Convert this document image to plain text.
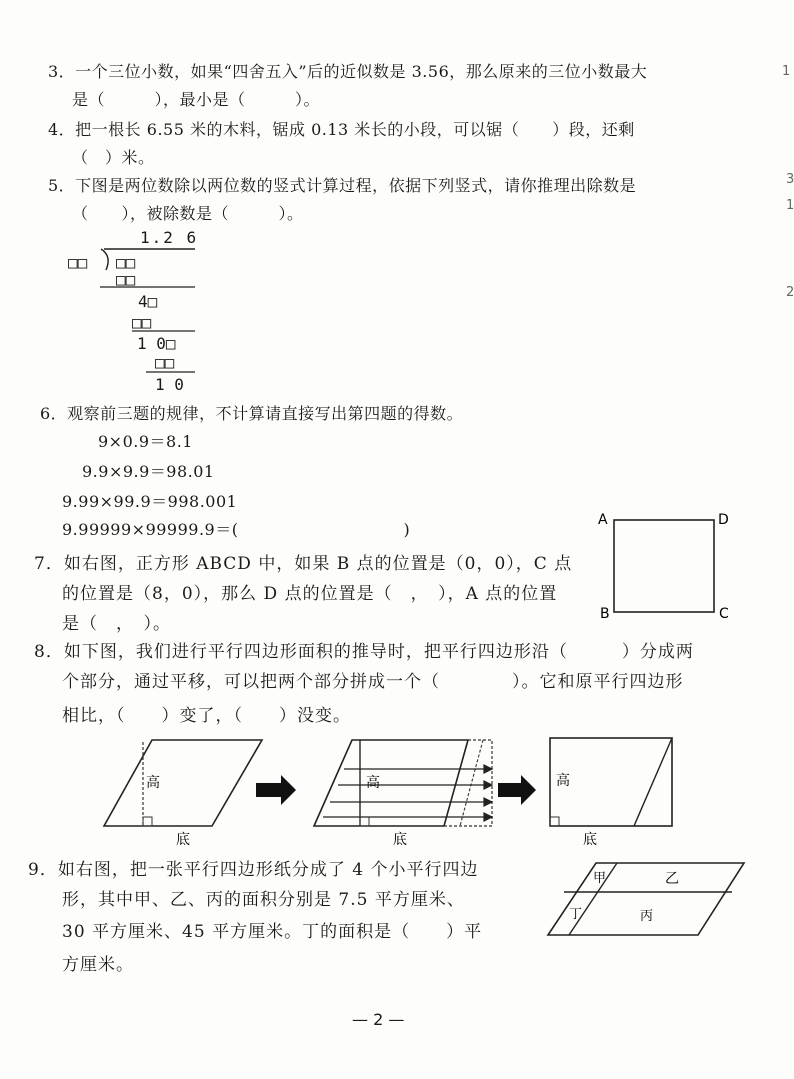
1
3
1
2
3．一个三位小数，如果“四舍五入”后的近似数是 3.56，那么原来的三位小数最大
是（　　　），最小是（　　　）。
4．把一根长 6.55 米的木料，锯成 0.13 米长的小段，可以锯（　　）段，还剩
（　）米。
5．下图是两位数除以两位数的竖式计算过程，依据下列竖式，请你推理出除数是
（　　），被除数是（　　　）。
1.2 6
□□ □□
□□
4□
□□
1 0□
□□
1 0
6．观察前三题的规律，不计算请直接写出第四题的得数。
9×0.9＝8.1
9.9×9.9＝98.01
9.99×99.9＝998.001
9.99999×99999.9＝(　　　　　　　　　　)
7．如右图，正方形 ABCD 中，如果 B 点的位置是（0，0），C 点
的位置是（8，0），那么 D 点的位置是（　，　），A 点的位置
是（　，　）。
A	D
B	C
8．如下图，我们进行平行四边形面积的推导时，把平行四边形沿（　　　）分成两
个部分，通过平移，可以把两个部分拼成一个（　　　　）。它和原平行四边形
相比，（　　）变了，（　　）没变。
高
底
高
底
高
底
9．如右图，把一张平行四边形纸分成了 4 个小平行四边
形，其中甲、乙、丙的面积分别是 7.5 平方厘米、
30 平方厘米、45 平方厘米。丁的面积是（　　）平
方厘米。
甲	乙
丁	丙
— 2 —
